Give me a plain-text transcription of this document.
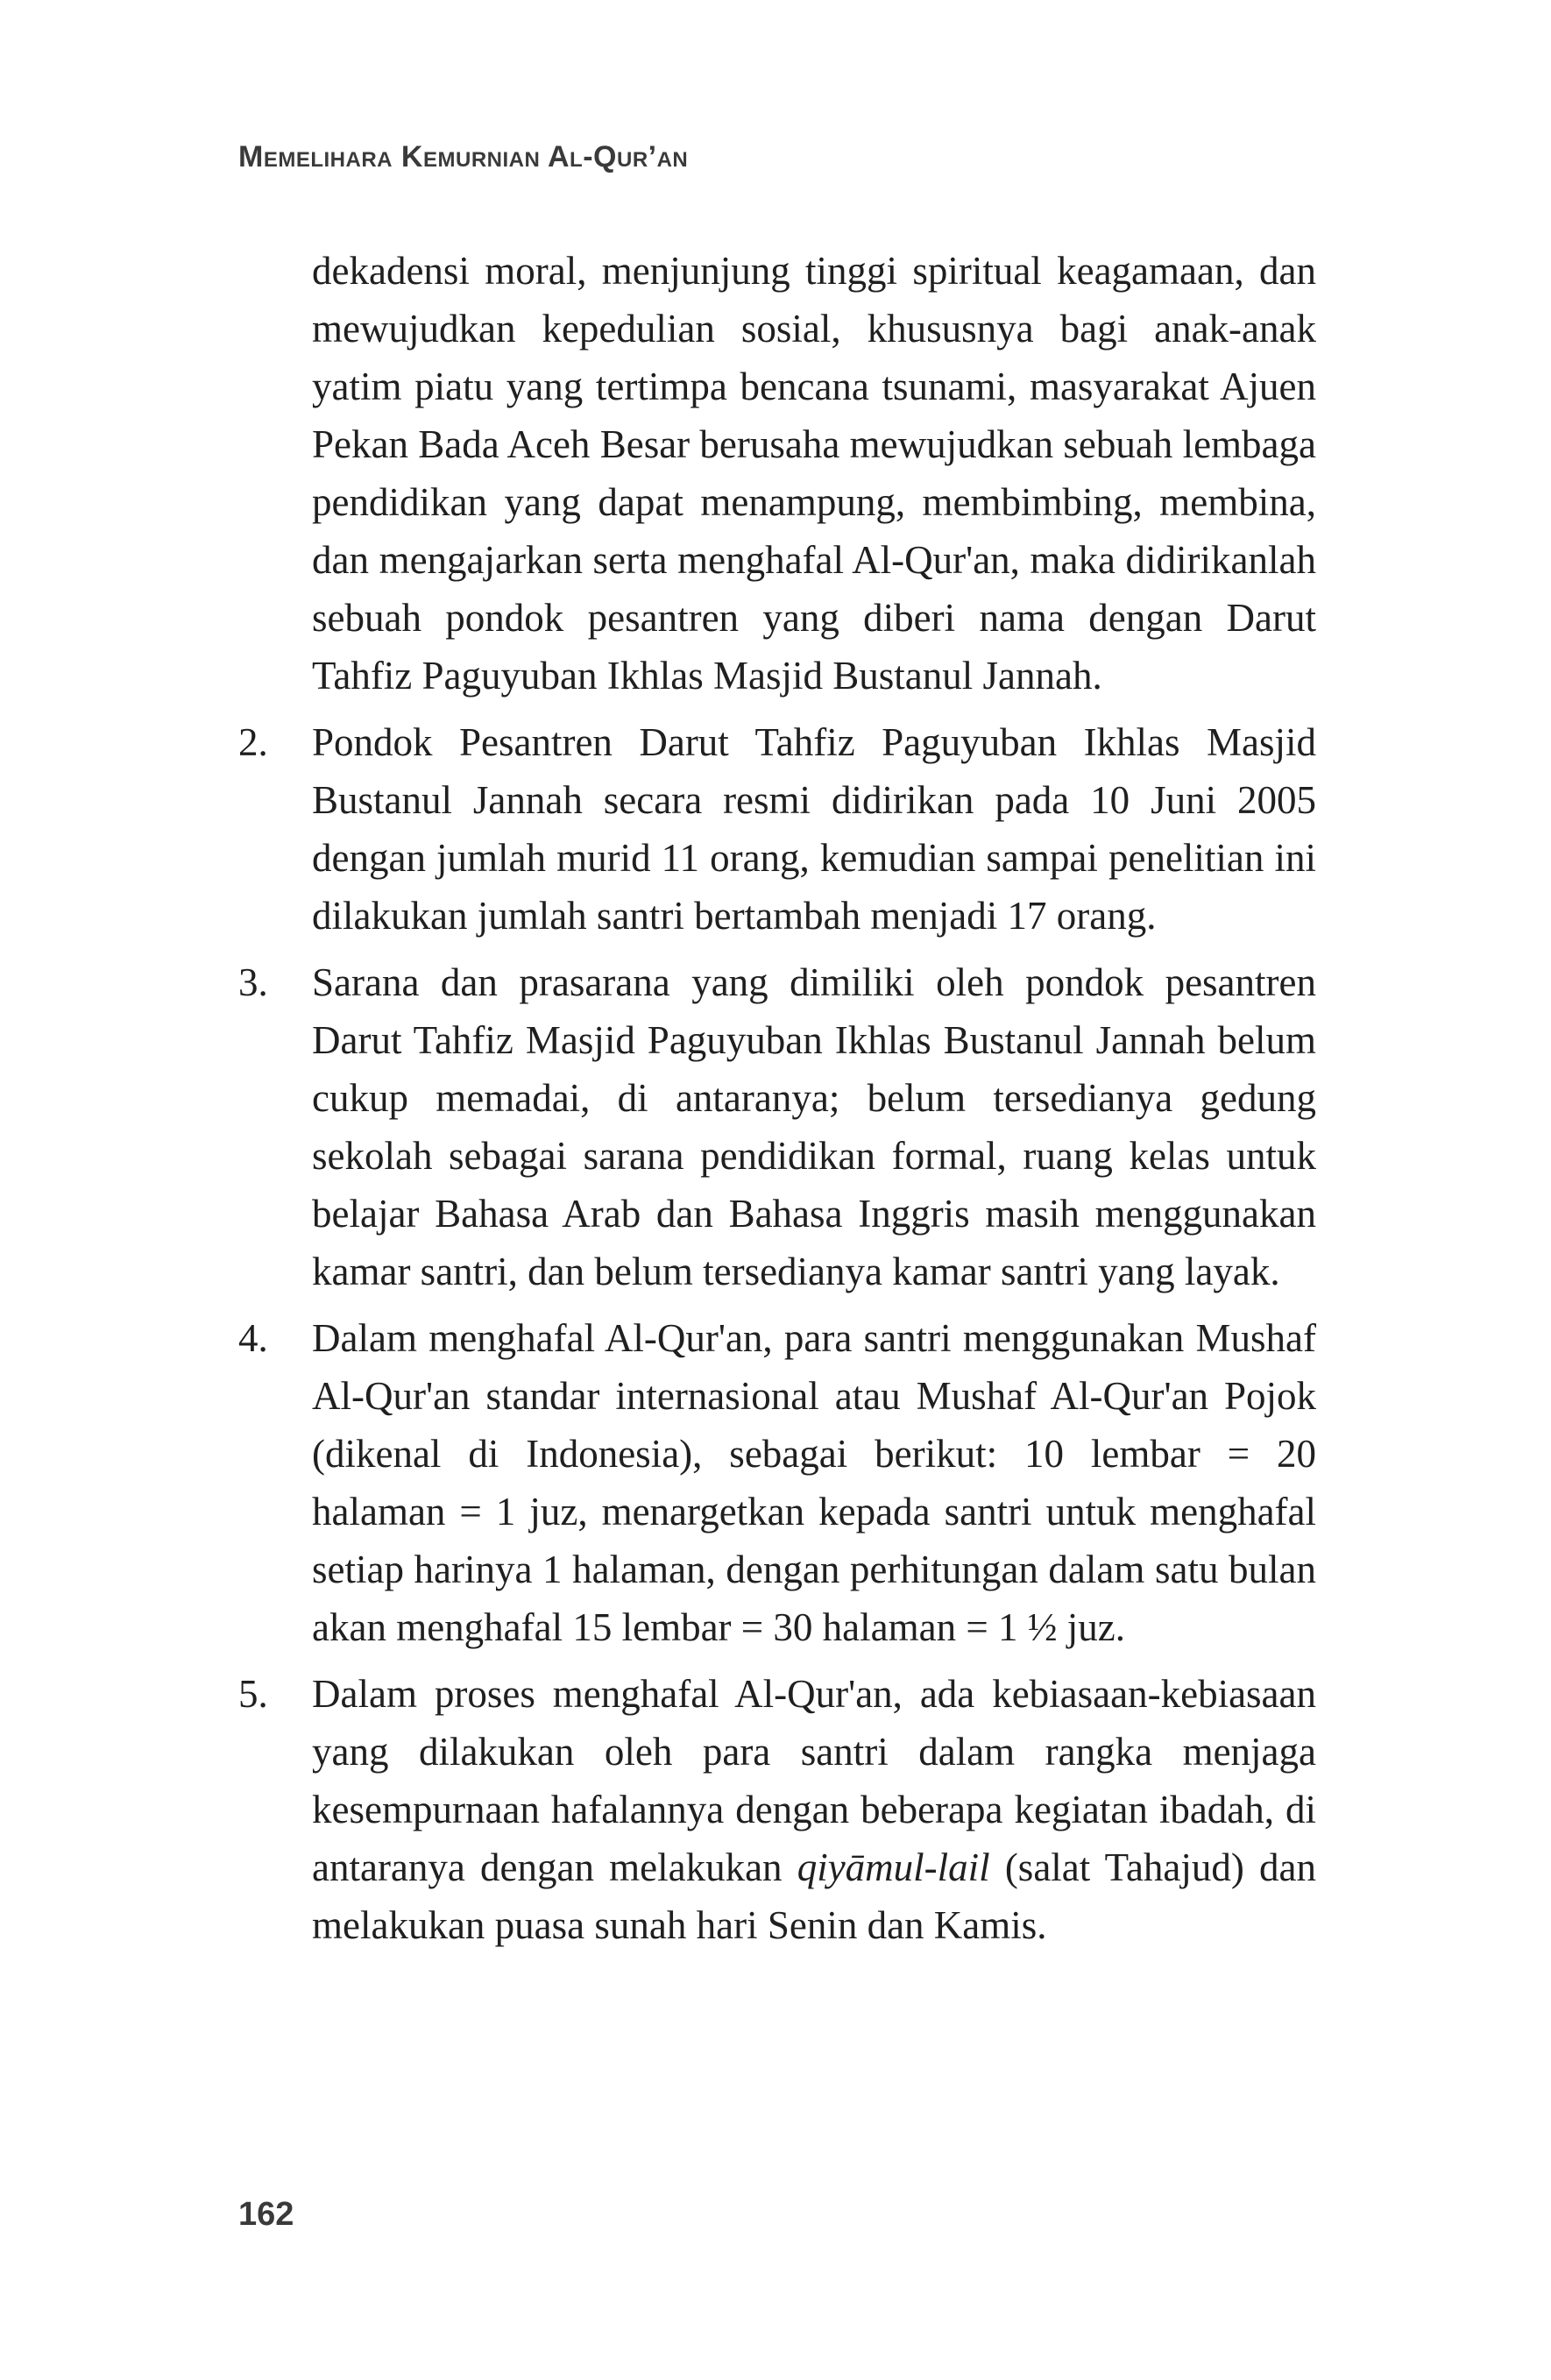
Memelihara Kemurnian Al-Qur’an

dekadensi moral, menjunjung tinggi spiritual keagamaan, dan mewujudkan kepedulian sosial, khususnya bagi anak-anak yatim piatu yang tertimpa bencana tsunami, masyarakat Ajuen Pekan Bada Aceh Besar berusaha mewujudkan sebuah lembaga pendidikan yang dapat menampung, membimbing, membina, dan mengajarkan serta menghafal Al-Qur'an, maka didirikanlah sebuah pondok pesantren yang diberi nama dengan Darut Tahfiz Paguyuban Ikhlas Masjid Bustanul Jannah.

2.	Pondok Pesantren Darut Tahfiz Paguyuban Ikhlas Masjid Bustanul Jannah secara resmi didirikan pada 10 Juni 2005 dengan jumlah murid 11 orang, kemudian sampai penelitian ini dilakukan jumlah santri bertambah menjadi 17 orang.

3.	Sarana dan prasarana yang dimiliki oleh pondok pesantren Darut Tahfiz Masjid Paguyuban Ikhlas Bustanul Jannah belum cukup memadai, di antaranya; belum tersedianya gedung sekolah sebagai sarana pendidikan formal, ruang kelas untuk belajar Bahasa Arab dan Bahasa Inggris masih menggunakan kamar santri, dan belum tersedianya kamar santri yang layak.

4.	Dalam menghafal Al-Qur'an, para santri menggunakan Mushaf Al-Qur'an standar internasional atau Mushaf Al-Qur'an Pojok (dikenal di Indonesia), sebagai berikut: 10 lembar = 20 halaman = 1 juz, menargetkan kepada santri untuk menghafal setiap harinya 1 halaman, dengan perhitungan dalam satu bulan akan menghafal 15 lembar = 30 halaman = 1 ½ juz.

5.	Dalam proses menghafal Al-Qur'an, ada kebiasaan-kebiasaan yang dilakukan oleh para santri dalam rangka menjaga kesempurnaan hafalannya dengan beberapa kegiatan ibadah, di antaranya dengan melakukan qiyāmul-lail (salat Tahajud) dan melakukan puasa sunah hari Senin dan Kamis.

162
